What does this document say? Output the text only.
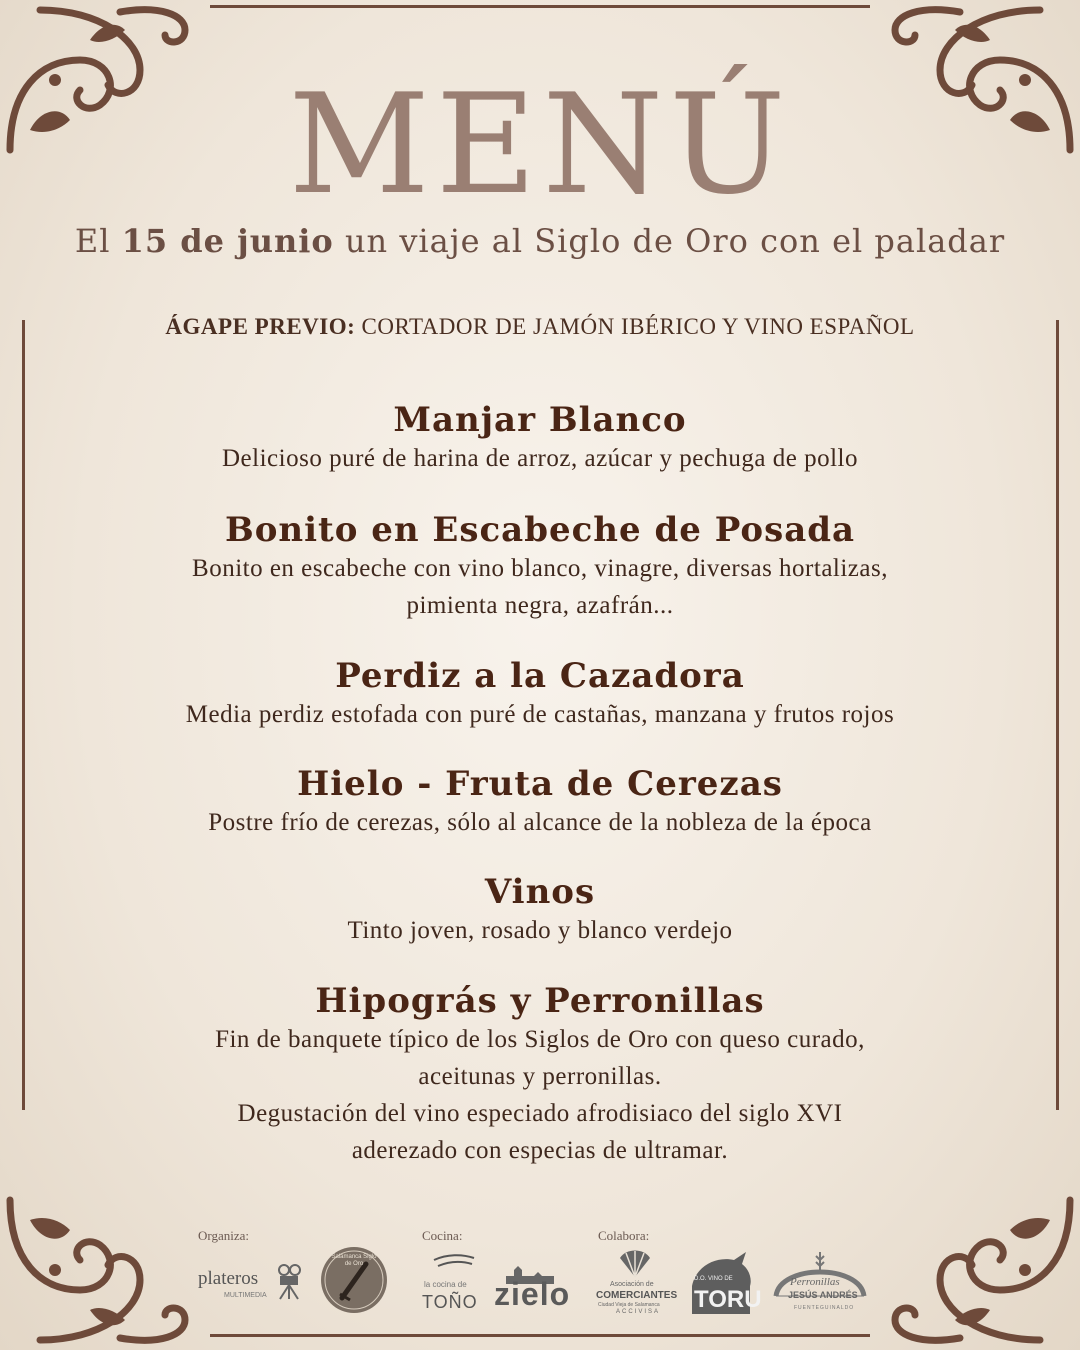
MENÚ
El 15 de junio un viaje al Siglo de Oro con el paladar
ÁGAPE PREVIO: CORTADOR DE JAMÓN IBÉRICO Y VINO ESPAÑOL
Manjar Blanco
Delicioso puré de harina de arroz, azúcar y pechuga de pollo
Bonito en Escabeche de Posada
Bonito en escabeche con vino blanco, vinagre, diversas hortalizas,
pimienta negra, azafrán...
Perdiz a la Cazadora
Media perdiz estofada con puré de castañas, manzana y frutos rojos
Hielo - Fruta de Cerezas
Postre frío de cerezas, sólo al alcance de la nobleza de la época
Vinos
Tinto joven, rosado y blanco verdejo
Hipográs y Perronillas
Fin de banquete típico de los Siglos de Oro con queso curado,
aceitunas y perronillas.
Degustación del vino especiado afrodisiaco del siglo XVI
aderezado con especias de ultramar.
Organiza:	Cocina:	Colabora:
plateros
MULTIMEDIA
Salamanca Siglo de Oro
la cocina de
TOÑO zielo	Asociación de
COMERCIANTES
Ciudad Vieja de Salamanca
ACCIVISA
D.O. VINO DE
TORU
Perronillas
JESÚS ANDRÉS
FUENTEGUINALDO
